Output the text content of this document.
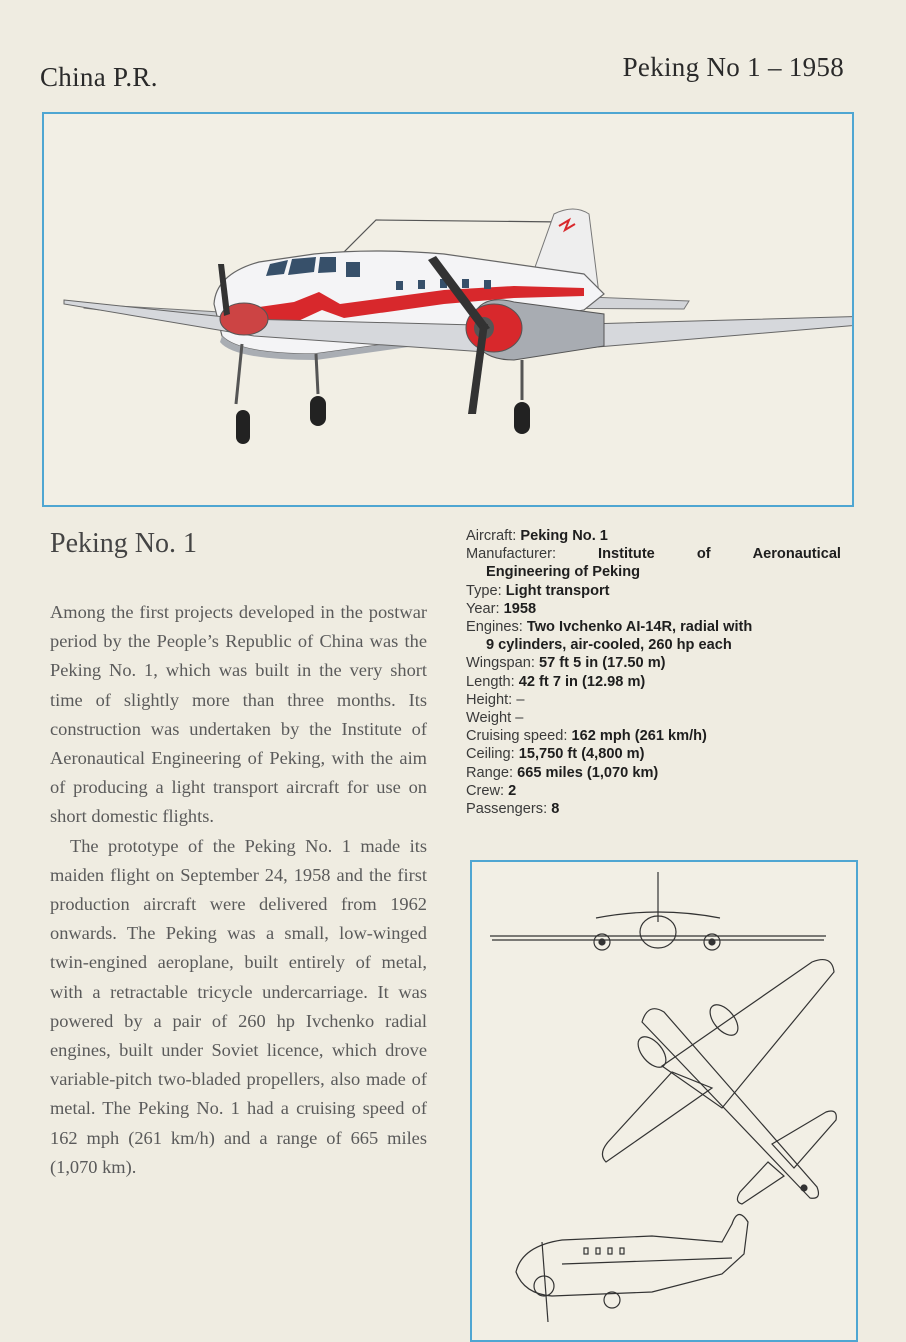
China P.R.	Peking No 1 – 1958
Peking No. 1

Among the first projects developed in the postwar period by the People’s Republic of China was the Peking No. 1, which was built in the very short time of slightly more than three months. Its construction was undertaken by the Institute of Aeronautical Engineering of Peking, with the aim of producing a light transport aircraft for use on short domestic flights.

The prototype of the Peking No. 1 made its maiden flight on September 24, 1958 and the first production aircraft were delivered from 1962 onwards. The Peking was a small, low-winged twin-engined aeroplane, built entirely of metal, with a retractable tricycle undercarriage. It was powered by a pair of 260 hp Ivchenko radial engines, built under Soviet licence, which drove variable-pitch two-bladed propellers, also made of metal. The Peking No. 1 had a cruising speed of 162 mph (261 km/h) and a range of 665 miles (1,070 km).

Aircraft: Peking No. 1
Manufacturer:	Institute	of	Aeronautical
Engineering of Peking
Type: Light transport
Year: 1958
Engines: Two Ivchenko AI-14R, radial with
9 cylinders, air-cooled, 260 hp each
Wingspan: 57 ft 5 in (17.50 m)
Length: 42 ft 7 in (12.98 m)
Height: –
Weight –
Cruising speed: 162 mph (261 km/h)
Ceiling: 15,750 ft (4,800 m)
Range: 665 miles (1,070 km)
Crew: 2
Passengers: 8
